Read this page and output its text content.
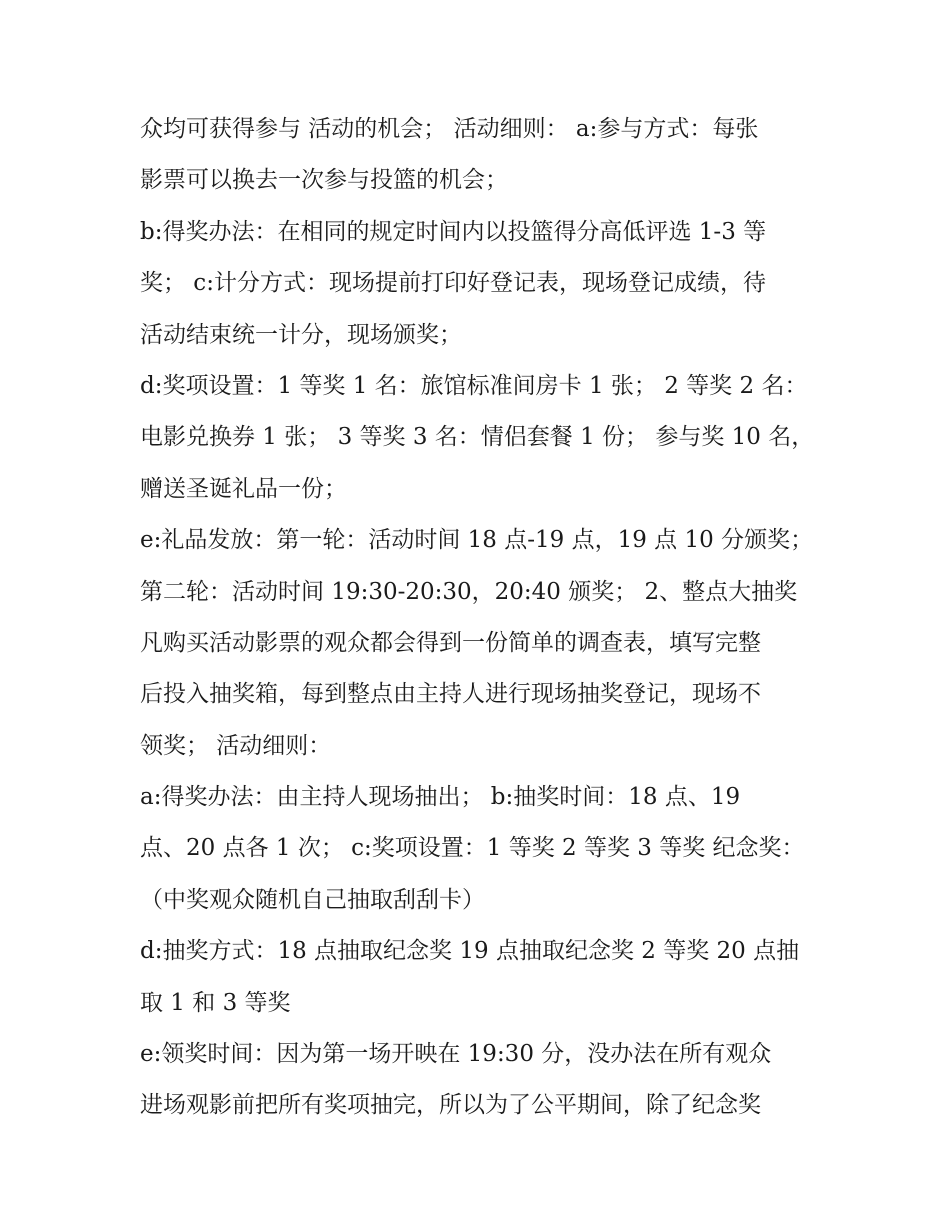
众均可获得参与 活动的机会； 活动细则： a:参与方式：每张
影票可以换去一次参与投篮的机会；
b:得奖办法：在相同的规定时间内以投篮得分高低评选 1-3 等
奖； c:计分方式：现场提前打印好登记表，现场登记成绩，待
活动结束统一计分，现场颁奖；
d:奖项设置：1 等奖 1 名：旅馆标准间房卡 1 张； 2 等奖 2 名：
电影兑换券 1 张； 3 等奖 3 名：情侣套餐 1 份； 参与奖 10 名，
赠送圣诞礼品一份；
e:礼品发放：第一轮：活动时间 18 点-19 点，19 点 10 分颁奖；
第二轮：活动时间 19:30-20:30，20:40 颁奖； 2、整点大抽奖
凡购买活动影票的观众都会得到一份简单的调查表，填写完整
后投入抽奖箱，每到整点由主持人进行现场抽奖登记，现场不
领奖； 活动细则：
a:得奖办法：由主持人现场抽出； b:抽奖时间：18 点、19
点、20 点各 1 次； c:奖项设置：1 等奖 2 等奖 3 等奖 纪念奖：
（中奖观众随机自己抽取刮刮卡）
d:抽奖方式：18 点抽取纪念奖 19 点抽取纪念奖 2 等奖 20 点抽
取 1 和 3 等奖
e:领奖时间：因为第一场开映在 19:30 分，没办法在所有观众
进场观影前把所有奖项抽完，所以为了公平期间，除了纪念奖
